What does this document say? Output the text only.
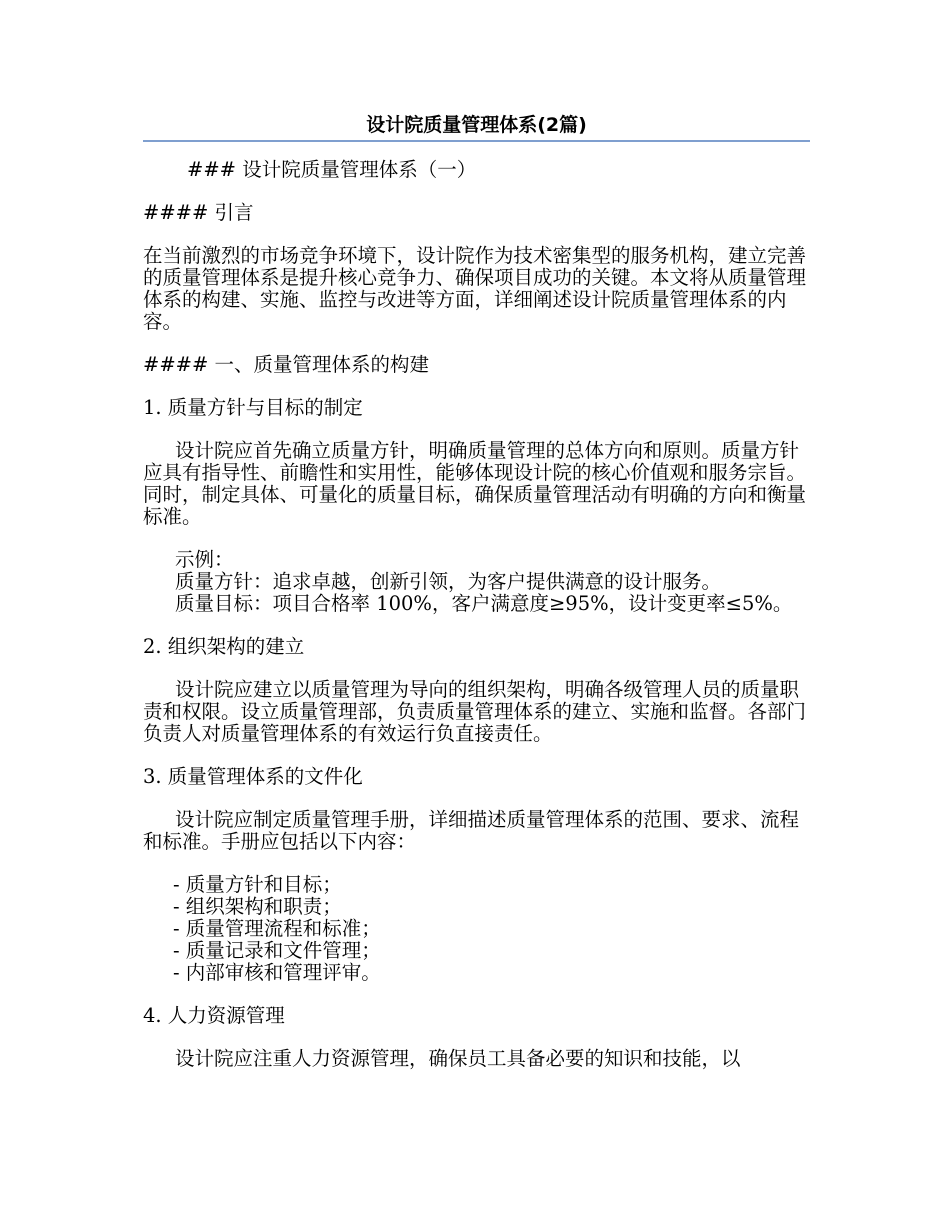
设计院质量管理体系(2篇)

### 设计院质量管理体系（一）

#### 引言

在当前激烈的市场竞争环境下，设计院作为技术密集型的服务机构，建立完善的质量管理体系是提升核心竞争力、确保项目成功的关键。本文将从质量管理体系的构建、实施、监控与改进等方面，详细阐述设计院质量管理体系的内容。

#### 一、质量管理体系的构建

1. 质量方针与目标的制定

设计院应首先确立质量方针，明确质量管理的总体方向和原则。质量方针应具有指导性、前瞻性和实用性，能够体现设计院的核心价值观和服务宗旨。同时，制定具体、可量化的质量目标，确保质量管理活动有明确的方向和衡量标准。

示例：

质量方针：追求卓越，创新引领，为客户提供满意的设计服务。

质量目标：项目合格率 100%，客户满意度≥95%，设计变更率≤5%。

2. 组织架构的建立

设计院应建立以质量管理为导向的组织架构，明确各级管理人员的质量职责和权限。设立质量管理部，负责质量管理体系的建立、实施和监督。各部门负责人对质量管理体系的有效运行负直接责任。

3. 质量管理体系的文件化

设计院应制定质量管理手册，详细描述质量管理体系的范围、要求、流程和标准。手册应包括以下内容：

- 质量方针和目标；

- 组织架构和职责；

- 质量管理流程和标准；

- 质量记录和文件管理；

- 内部审核和管理评审。

4. 人力资源管理

设计院应注重人力资源管理，确保员工具备必要的知识和技能，以
